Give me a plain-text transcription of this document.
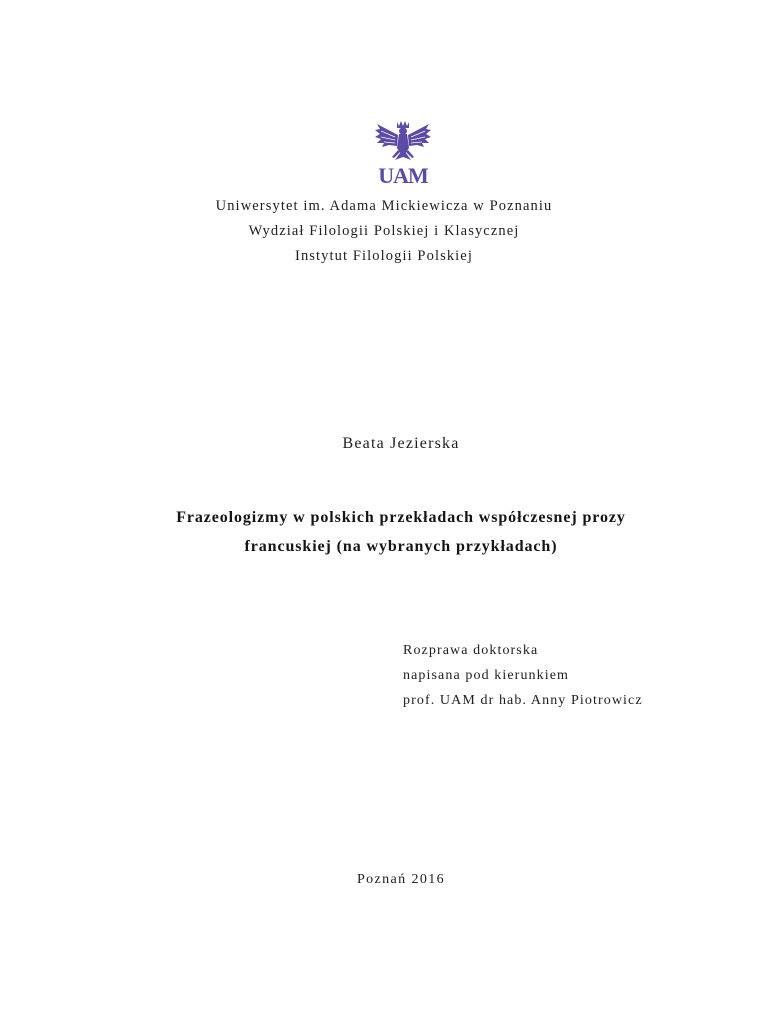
UAM
Uniwersytet im. Adama Mickiewicza w Poznaniu
Wydział Filologii Polskiej i Klasycznej
Instytut Filologii Polskiej
Beata Jezierska
Frazeologizmy w polskich przekładach współczesnej prozy
francuskiej (na wybranych przykładach)
Rozprawa doktorska
napisana pod kierunkiem
prof. UAM dr hab. Anny Piotrowicz
Poznań 2016
